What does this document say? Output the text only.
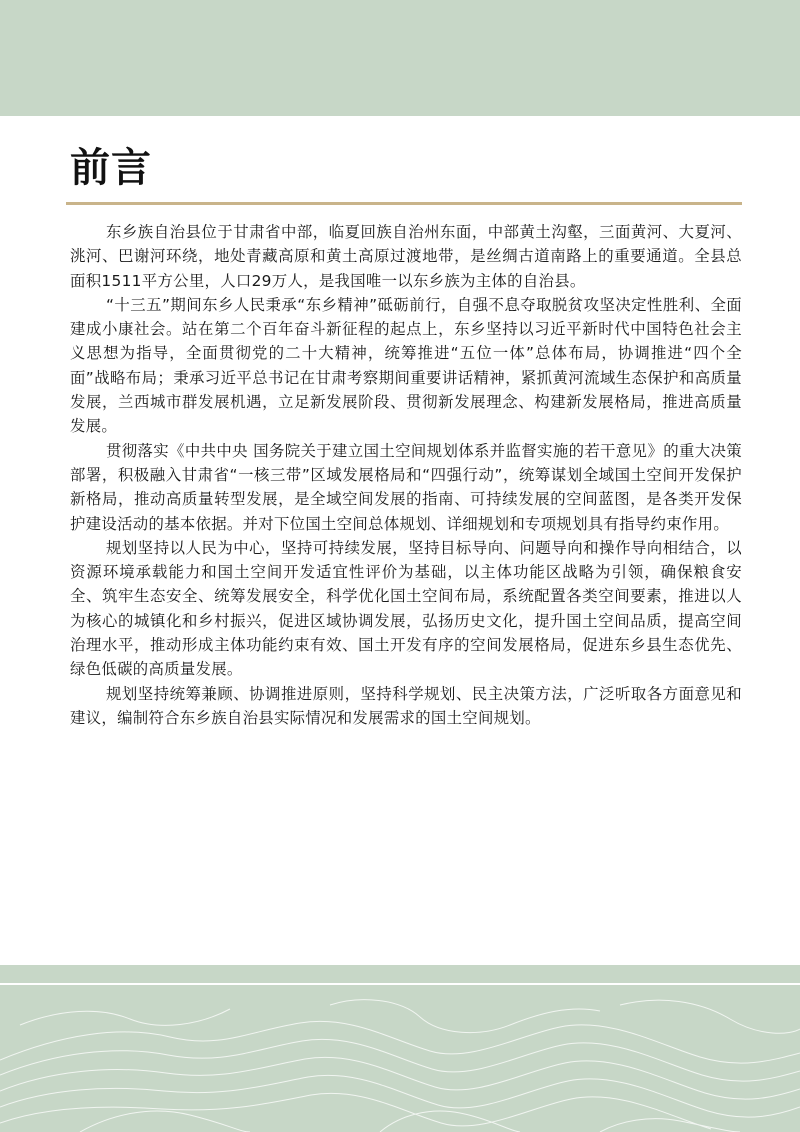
前言

东乡族自治县位于甘肃省中部，临夏回族自治州东面，中部黄土沟壑，三面黄河、大夏河、洮河、巴谢河环绕，地处青藏高原和黄土高原过渡地带，是丝绸古道南路上的重要通道。全县总面积1511平方公里，人口29万人，是我国唯一以东乡族为主体的自治县。

“十三五”期间东乡人民秉承“东乡精神”砥砺前行，自强不息夺取脱贫攻坚决定性胜利、全面建成小康社会。站在第二个百年奋斗新征程的起点上，东乡坚持以习近平新时代中国特色社会主义思想为指导，全面贯彻党的二十大精神，统筹推进“五位一体”总体布局，协调推进“四个全面”战略布局；秉承习近平总书记在甘肃考察期间重要讲话精神，紧抓黄河流域生态保护和高质量发展，兰西城市群发展机遇，立足新发展阶段、贯彻新发展理念、构建新发展格局，推进高质量发展。

贯彻落实《中共中央 国务院关于建立国土空间规划体系并监督实施的若干意见》的重大决策部署，积极融入甘肃省“一核三带”区域发展格局和“四强行动”，统筹谋划全域国土空间开发保护新格局，推动高质量转型发展，是全域空间发展的指南、可持续发展的空间蓝图，是各类开发保护建设活动的基本依据。并对下位国土空间总体规划、详细规划和专项规划具有指导约束作用。

规划坚持以人民为中心，坚持可持续发展，坚持目标导向、问题导向和操作导向相结合，以资源环境承载能力和国土空间开发适宜性评价为基础，以主体功能区战略为引领，确保粮食安全、筑牢生态安全、统筹发展安全，科学优化国土空间布局，系统配置各类空间要素，推进以人为核心的城镇化和乡村振兴，促进区域协调发展，弘扬历史文化，提升国土空间品质，提高空间治理水平，推动形成主体功能约束有效、国土开发有序的空间发展格局，促进东乡县生态优先、绿色低碳的高质量发展。

规划坚持统筹兼顾、协调推进原则，坚持科学规划、民主决策方法，广泛听取各方面意见和建议，编制符合东乡族自治县实际情况和发展需求的国土空间规划。
